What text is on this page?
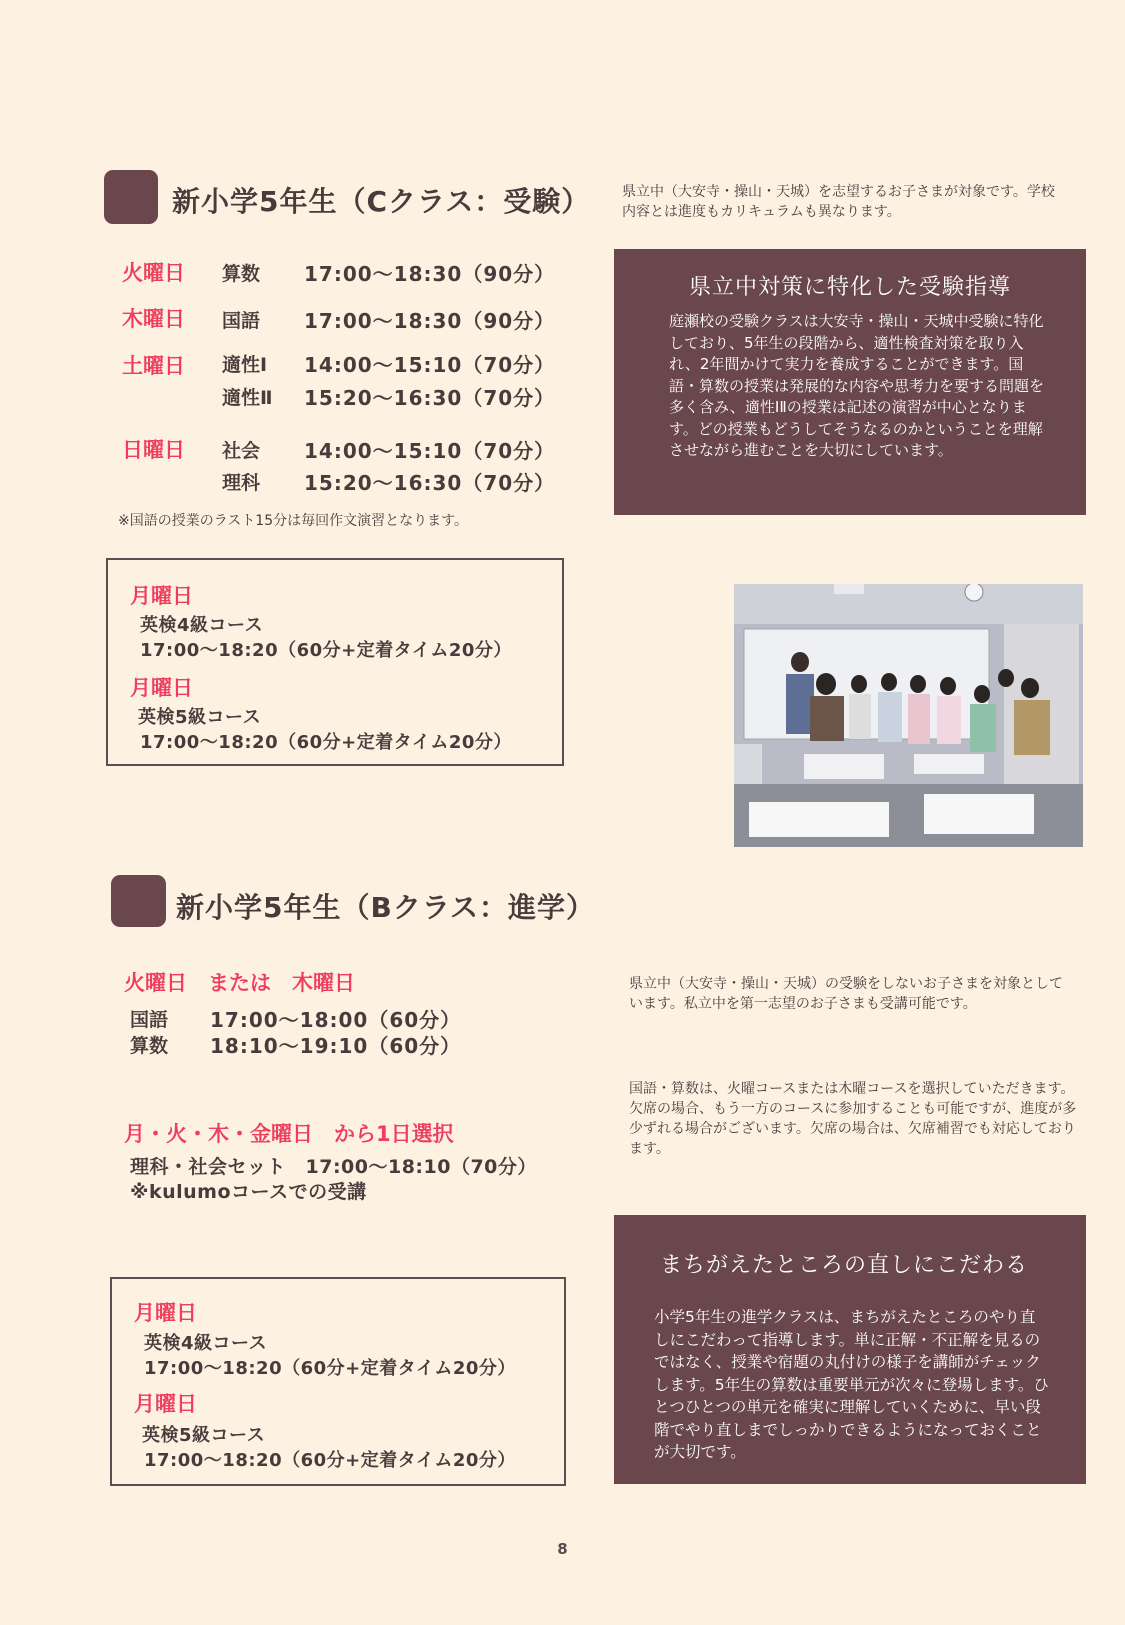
新小学5年生（Cクラス：受験） 県立中（大安寺・操山・天城）を志望するお子さまが対象です。学校内容とは進度もカリキュラムも異なります。
火曜日 算数 17:00〜18:30（90分）
木曜日 国語 17:00〜18:30（90分）
土曜日 適性Ⅰ 14:00〜15:10（70分）
適性Ⅱ 15:20〜16:30（70分）
日曜日 社会 14:00〜15:10（70分）
理科 15:20〜16:30（70分）
※国語の授業のラスト15分は毎回作文演習となります。
月曜日
英検4級コース
17:00〜18:20（60分+定着タイム20分）
月曜日
英検5級コース
17:00〜18:20（60分+定着タイム20分）
県立中対策に特化した受験指導
庭瀬校の受験クラスは大安寺・操山・天城中受験に特化しており、5年生の段階から、適性検査対策を取り入れ、2年間かけて実力を養成することができます。国語・算数の授業は発展的な内容や思考力を要する問題を多く含み、適性ⅠⅡの授業は記述の演習が中心となります。どの授業もどうしてそうなるのかということを理解させながら進むことを大切にしています。
新小学5年生（Bクラス：進学）
火曜日　または　木曜日
国語 17:00〜18:00（60分）
算数 18:10〜19:10（60分）
月・火・木・金曜日　から1日選択
理科・社会セット　17:00〜18:10（70分）
※kulumoコースでの受講
県立中（大安寺・操山・天城）の受験をしないお子さまを対象としています。私立中を第一志望のお子さまも受講可能です。
国語・算数は、火曜コースまたは木曜コースを選択していただきます。欠席の場合、もう一方のコースに参加することも可能ですが、進度が多少ずれる場合がございます。欠席の場合は、欠席補習でも対応しております。
月曜日
英検4級コース
17:00〜18:20（60分+定着タイム20分）
月曜日
英検5級コース
17:00〜18:20（60分+定着タイム20分）
まちがえたところの直しにこだわる
小学5年生の進学クラスは、まちがえたところのやり直しにこだわって指導します。単に正解・不正解を見るのではなく、授業や宿題の丸付けの様子を講師がチェックします。5年生の算数は重要単元が次々に登場します。ひとつひとつの単元を確実に理解していくために、早い段階でやり直しまでしっかりできるようになっておくことが大切です。
8
